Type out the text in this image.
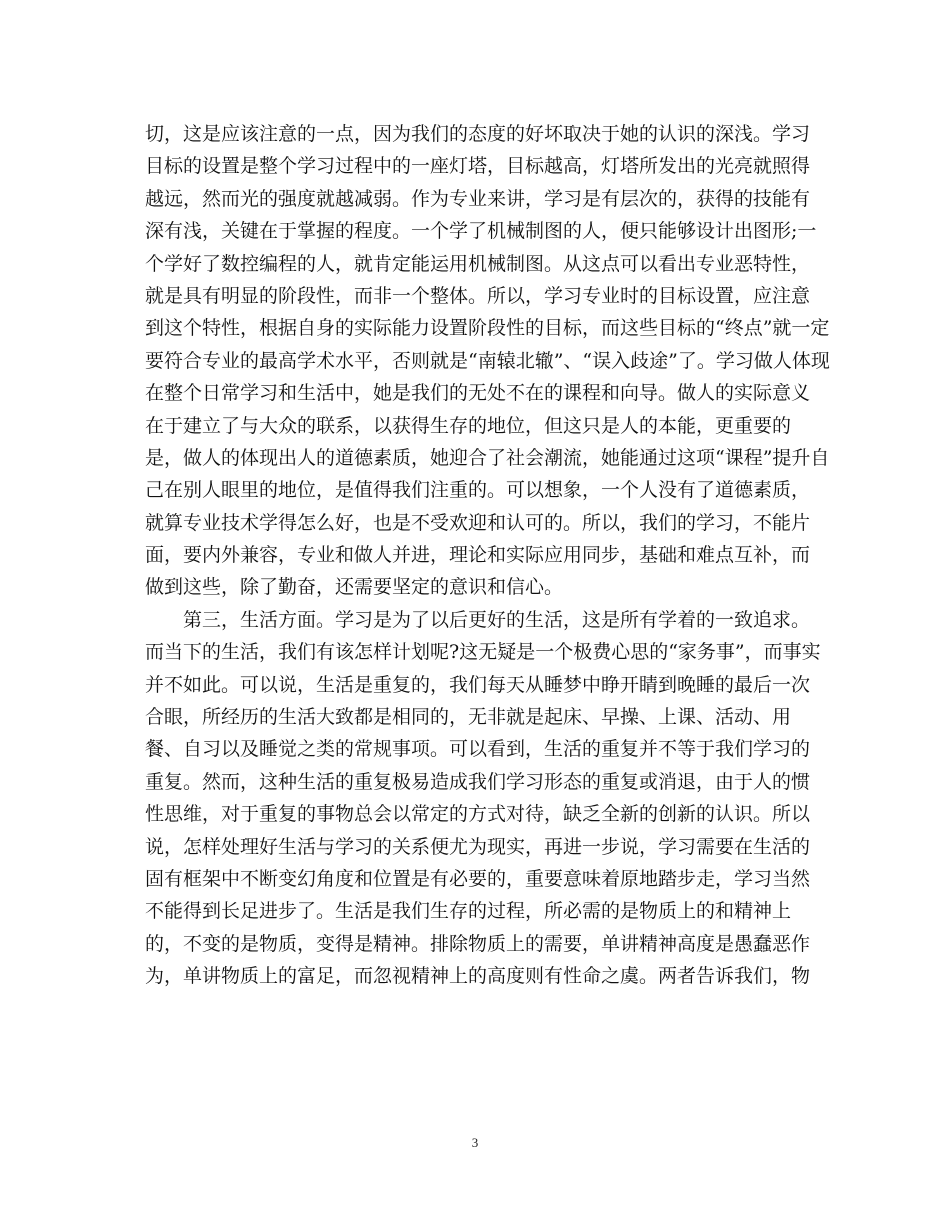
切，这是应该注意的一点，因为我们的态度的好坏取决于她的认识的深浅。学习
目标的设置是整个学习过程中的一座灯塔，目标越高，灯塔所发出的光亮就照得
越远，然而光的强度就越减弱。作为专业来讲，学习是有层次的，获得的技能有
深有浅，关键在于掌握的程度。一个学了机械制图的人，便只能够设计出图形;一
个学好了数控编程的人，就肯定能运用机械制图。从这点可以看出专业恶特性，
就是具有明显的阶段性，而非一个整体。所以，学习专业时的目标设置，应注意
到这个特性，根据自身的实际能力设置阶段性的目标，而这些目标的“终点”就一定
要符合专业的最高学术水平，否则就是“南辕北辙”、“误入歧途”了。学习做人体现
在整个日常学习和生活中，她是我们的无处不在的课程和向导。做人的实际意义
在于建立了与大众的联系，以获得生存的地位，但这只是人的本能，更重要的
是，做人的体现出人的道德素质，她迎合了社会潮流，她能通过这项“课程”提升自
己在别人眼里的地位，是值得我们注重的。可以想象，一个人没有了道德素质，
就算专业技术学得怎么好，也是不受欢迎和认可的。所以，我们的学习，不能片
面，要内外兼容，专业和做人并进，理论和实际应用同步，基础和难点互补，而
做到这些，除了勤奋，还需要坚定的意识和信心。
第三，生活方面。学习是为了以后更好的生活，这是所有学着的一致追求。
而当下的生活，我们有该怎样计划呢?这无疑是一个极费心思的“家务事”，而事实
并不如此。可以说，生活是重复的，我们每天从睡梦中睁开睛到晚睡的最后一次
合眼，所经历的生活大致都是相同的，无非就是起床、早操、上课、活动、用
餐、自习以及睡觉之类的常规事项。可以看到，生活的重复并不等于我们学习的
重复。然而，这种生活的重复极易造成我们学习形态的重复或消退，由于人的惯
性思维，对于重复的事物总会以常定的方式对待，缺乏全新的创新的认识。所以
说，怎样处理好生活与学习的关系便尤为现实，再进一步说，学习需要在生活的
固有框架中不断变幻角度和位置是有必要的，重要意味着原地踏步走，学习当然
不能得到长足进步了。生活是我们生存的过程，所必需的是物质上的和精神上
的，不变的是物质，变得是精神。排除物质上的需要，单讲精神高度是愚蠢恶作
为，单讲物质上的富足，而忽视精神上的高度则有性命之虞。两者告诉我们，物
3
